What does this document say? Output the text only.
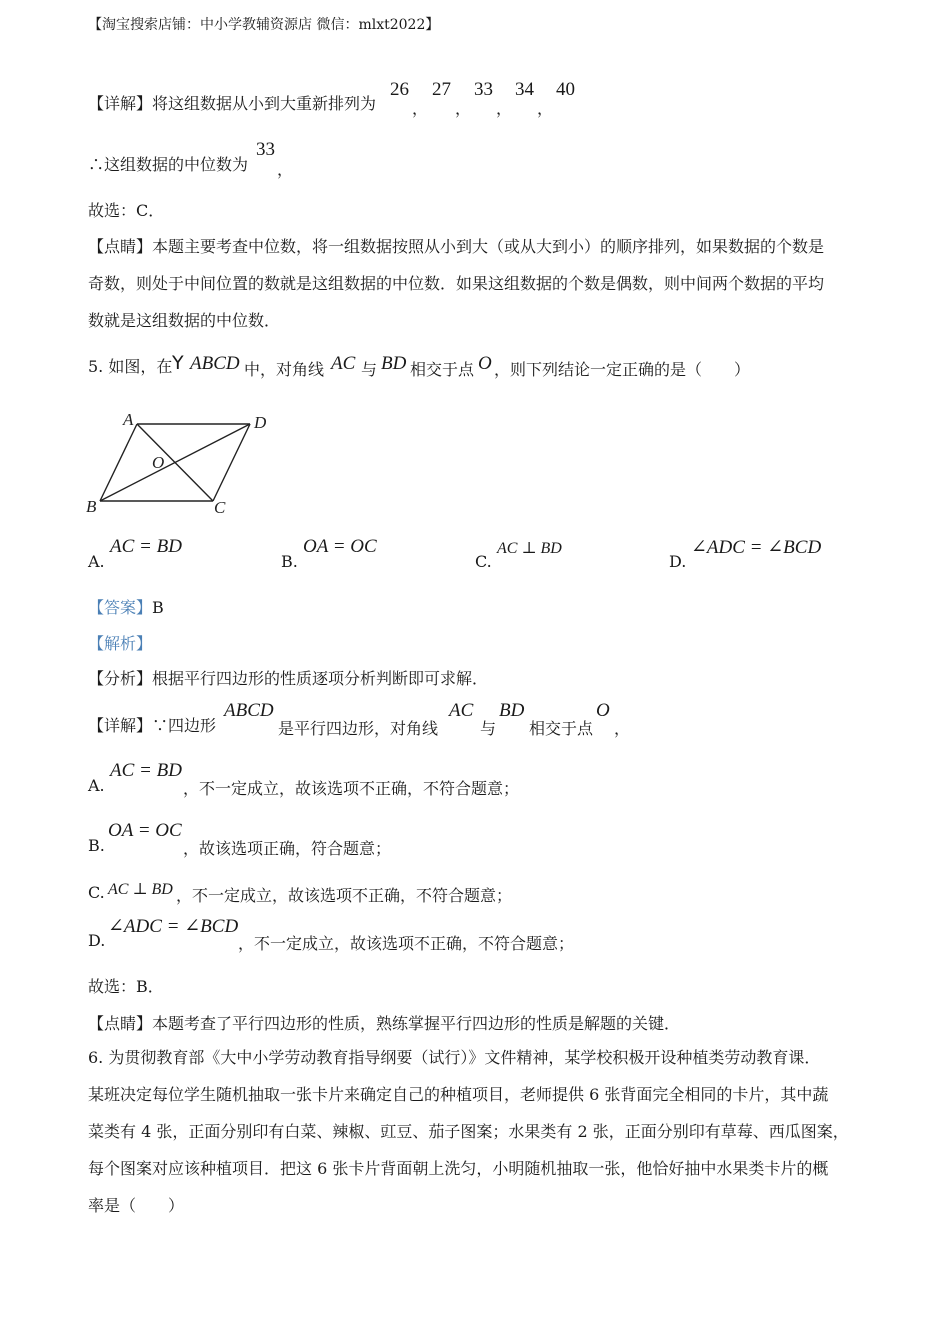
【淘宝搜索店铺：中小学教辅资源店 微信：mlxt2022】
【详解】将这组数据从小到大重新排列为
26
，
27
，
33
，
34
，
40
∴这组数据的中位数为
33
，
故选：C．
【点睛】本题主要考查中位数，将一组数据按照从小到大（或从大到小）的顺序排列，如果数据的个数是
奇数，则处于中间位置的数就是这组数据的中位数．如果这组数据的个数是偶数，则中间两个数据的平均
数就是这组数据的中位数．
5. 如图，在 Y ABCD 中，对角线 AC 与 BD 相交于点 O ，则下列结论一定正确的是（　　）
A	D
B	C
O
A.
AC = BD
B.
OA = OC
C.
AC ⊥ BD
D.
∠ADC = ∠BCD
【答案】B
【解析】
【分析】根据平行四边形的性质逐项分析判断即可求解．
【详解】∵四边形
ABCD
是平行四边形，对角线
AC
与
BD
相交于点
O
，
A.
AC = BD
，不一定成立，故该选项不正确，不符合题意；
B.
OA = OC
，故该选项正确，符合题意；
C. AC ⊥ BD ，不一定成立，故该选项不正确，不符合题意；
D.
∠ADC = ∠BCD
，不一定成立，故该选项不正确，不符合题意；
故选：B．
【点睛】本题考查了平行四边形的性质，熟练掌握平行四边形的性质是解题的关键．
6. 为贯彻教育部《大中小学劳动教育指导纲要（试行）》文件精神，某学校积极开设种植类劳动教育课．
某班决定每位学生随机抽取一张卡片来确定自己的种植项目，老师提供 6 张背面完全相同的卡片，其中蔬
菜类有 4 张，正面分别印有白菜、辣椒、豇豆、茄子图案；水果类有 2 张，正面分别印有草莓、西瓜图案，
每个图案对应该种植项目．把这 6 张卡片背面朝上洗匀，小明随机抽取一张，他恰好抽中水果类卡片的概
率是（　　）
